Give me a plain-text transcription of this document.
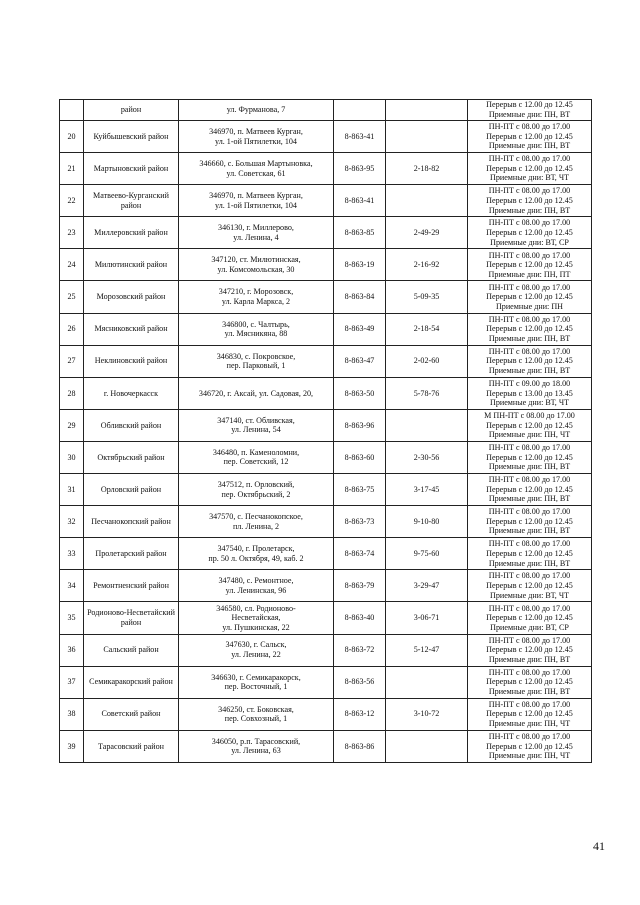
	район	ул. Фурманова, 7			Перерыв с 12.00 до 12.45
Приемные дни: ПН, ВТ

20	Куйбышевский район	346970, п. Матвеев Курган,
ул. 1-ой Пятилетки, 104	8-863-41		ПН-ПТ с 08.00 до 17.00
Перерыв с 12.00 до 12.45
Приемные дни: ПН, ВТ

21	Мартыновский район	346660, с. Большая Мартыновка,
ул. Советская, 61	8-863-95	2-18-82	ПН-ПТ с 08.00 до 17.00
Перерыв с 12.00 до 12.45
Приемные дни: ВТ, ЧТ

22	Матвеево-Курганский район	346970, п. Матвеев Курган,
ул. 1-ой Пятилетки, 104	8-863-41		ПН-ПТ с 08.00 до 17.00
Перерыв с 12.00 до 12.45
Приемные дни: ПН, ВТ

23	Миллеровский район	346130, г. Миллерово,
ул. Ленина, 4	8-863-85	2-49-29	ПН-ПТ с 08.00 до 17.00
Перерыв с 12.00 до 12.45
Приемные дни: ВТ, СР

24	Милютинский район	347120, ст. Милютинская,
ул. Комсомольская, 30	8-863-19	2-16-92	ПН-ПТ с 08.00 до 17.00
Перерыв с 12.00 до 12.45
Приемные дни: ПН, ПТ

25	Морозовский район	347210, г. Морозовск,
ул. Карла Маркса, 2	8-863-84	5-09-35	ПН-ПТ с 08.00 до 17.00
Перерыв с 12.00 до 12.45
Приемные дни: ПН

26	Мясниковский район	346800, с. Чалтырь,
ул. Мясникяна, 88	8-863-49	2-18-54	ПН-ПТ с 08.00 до 17.00
Перерыв с 12.00 до 12.45
Приемные дни: ПН, ВТ

27	Неклиновский район	346830, с. Покровское,
пер. Парковый, 1	8-863-47	2-02-60	ПН-ПТ с 08.00 до 17.00
Перерыв с 12.00 до 12.45
Приемные дни: ПН, ВТ

28	г. Новочеркасск	346720, г. Аксай, ул. Садовая, 20,	8-863-50	5-78-76	ПН-ПТ с 09.00 до 18.00
Перерыв с 13.00 до 13.45
Приемные дни: ВТ, ЧТ

29	Обливский район	347140, ст. Обливская,
ул. Ленина, 54	8-863-96		М ПН-ПТ с 08.00 до 17.00
Перерыв с 12.00 до 12.45
Приемные дни: ПН, ЧТ

30	Октябрьский район	346480, п. Каменоломни,
пер. Советский, 12	8-863-60	2-30-56	ПН-ПТ с 08.00 до 17.00
Перерыв с 12.00 до 12.45
Приемные дни: ПН, ВТ

31	Орловский район	347512, п. Орловский,
пер. Октябрьский, 2	8-863-75	3-17-45	ПН-ПТ с 08.00 до 17.00
Перерыв с 12.00 до 12.45
Приемные дни: ПН, ВТ

32	Песчанокопский район	347570, с. Песчанокопское,
пл. Ленина, 2	8-863-73	9-10-80	ПН-ПТ с 08.00 до 17.00
Перерыв с 12.00 до 12.45
Приемные дни: ПН, ВТ

33	Пролетарский район	347540, г. Пролетарск,
пр. 50 л. Октября, 49, каб. 2	8-863-74	9-75-60	ПН-ПТ с 08.00 до 17.00
Перерыв с 12.00 до 12.45
Приемные дни: ПН, ВТ

34	Ремонтненский район	347480, с. Ремонтное,
ул. Ленинская, 96	8-863-79	3-29-47	ПН-ПТ с 08.00 до 17.00
Перерыв с 12.00 до 12.45
Приемные дни: ВТ, ЧТ

35	Родионово-Несветайский район	346580, сл. Родионово-
Несветайская,
ул. Пушкинская, 22	8-863-40	3-06-71	ПН-ПТ с 08.00 до 17.00
Перерыв с 12.00 до 12.45
Приемные дни: ВТ, СР

36	Сальский район	347630, г. Сальск,
ул. Ленина, 22	8-863-72	5-12-47	ПН-ПТ с 08.00 до 17.00
Перерыв с 12.00 до 12.45
Приемные дни: ПН, ВТ

37	Семикаракорский район	346630, г. Семикаракорск,
пер. Восточный, 1	8-863-56		ПН-ПТ с 08.00 до 17.00
Перерыв с 12.00 до 12.45
Приемные дни: ПН, ВТ

38	Советский район	346250, ст. Боковская,
пер. Совхозный, 1	8-863-12	3-10-72	ПН-ПТ с 08.00 до 17.00
Перерыв с 12.00 до 12.45
Приемные дни: ПН, ЧТ

39	Тарасовский район	346050, р.п. Тарасовский,
ул. Ленина, 63	8-863-86		ПН-ПТ с 08.00 до 17.00
Перерыв с 12.00 до 12.45
Приемные дни: ПН, ЧТ
41
